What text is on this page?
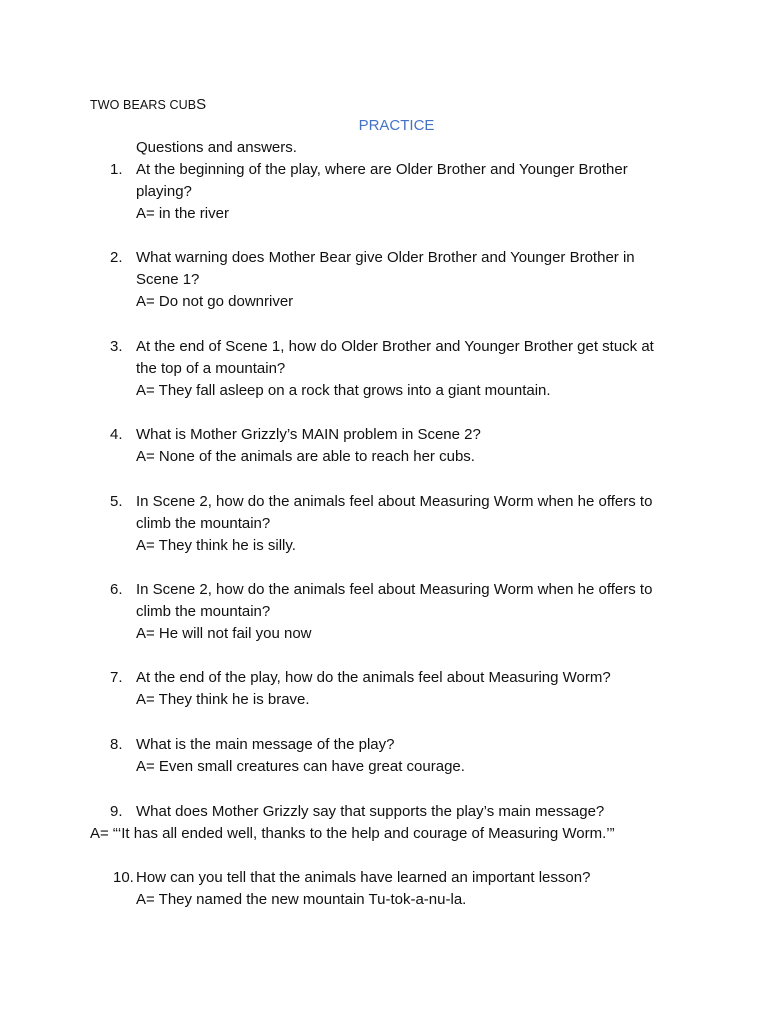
TWO BEARS CUBS
PRACTICE
Questions and answers.
1. At the beginning of the play, where are Older Brother and Younger Brother playing?
A= in the river
2. What warning does Mother Bear give Older Brother and Younger Brother in Scene 1?
A= Do not go downriver
3. At the end of Scene 1, how do Older Brother and Younger Brother get stuck at the top of a mountain?
A= They fall asleep on a rock that grows into a giant mountain.
4. What is Mother Grizzly’s MAIN problem in Scene 2?
A= None of the animals are able to reach her cubs.
5. In Scene 2, how do the animals feel about Measuring Worm when he offers to climb the mountain?
A= They think he is silly.
6. In Scene 2, how do the animals feel about Measuring Worm when he offers to climb the mountain?
A= He will not fail you now
7. At the end of the play, how do the animals feel about Measuring Worm?
A= They think he is brave.
8. What is the main message of the play?
A= Even small creatures can have great courage.
9. What does Mother Grizzly say that supports the play’s main message?
A= “‘It has all ended well, thanks to the help and courage of Measuring Worm.’”
10. How can you tell that the animals have learned an important lesson?
A= They named the new mountain Tu-tok-a-nu-la.
